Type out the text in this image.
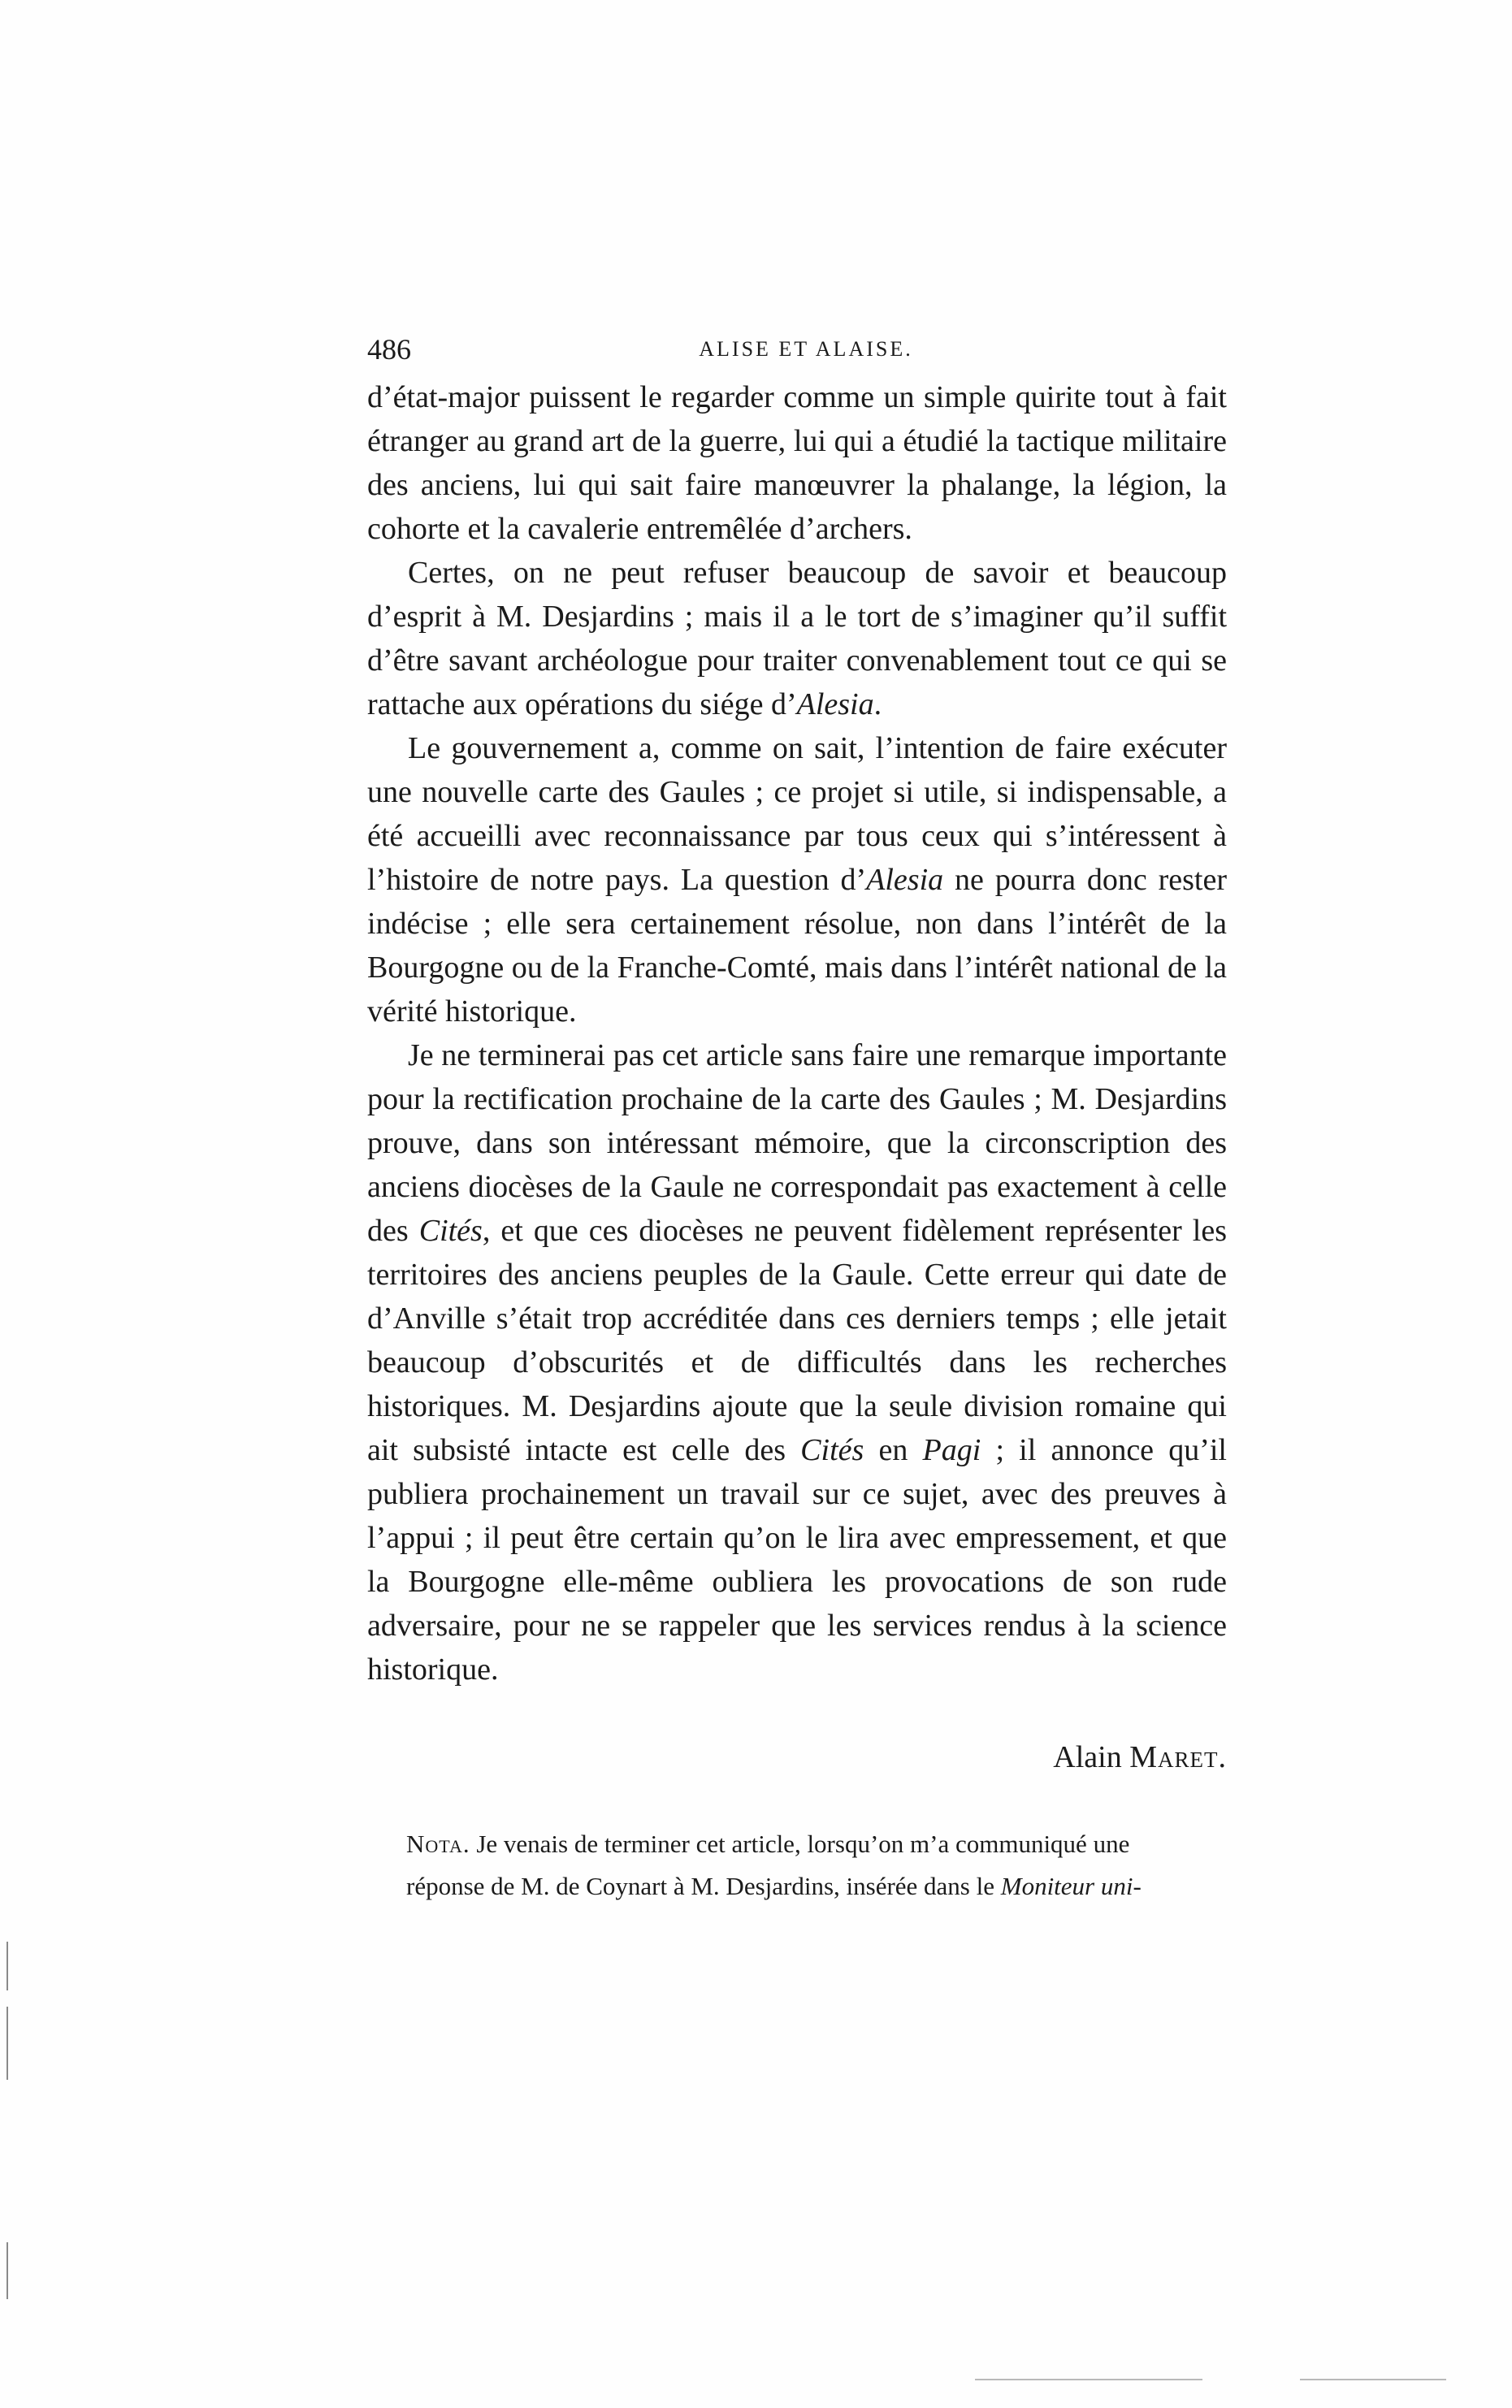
486	ALISE ET ALAISE.

d’état-major puissent le regarder comme un simple quirite tout à fait étranger au grand art de la guerre, lui qui a étudié la tactique militaire des anciens, lui qui sait faire manœuvrer la phalange, la légion, la cohorte et la cavalerie entremêlée d’archers.

Certes, on ne peut refuser beaucoup de savoir et beaucoup d’esprit à M. Desjardins ; mais il a le tort de s’imaginer qu’il suffit d’être savant archéologue pour traiter convenablement tout ce qui se rattache aux opérations du siége d’Alesia.

Le gouvernement a, comme on sait, l’intention de faire exécuter une nouvelle carte des Gaules ; ce projet si utile, si indispensable, a été accueilli avec reconnaissance par tous ceux qui s’intéressent à l’histoire de notre pays. La question d’Alesia ne pourra donc rester indécise ; elle sera certainement résolue, non dans l’intérêt de la Bourgogne ou de la Franche-Comté, mais dans l’intérêt national de la vérité historique.

Je ne terminerai pas cet article sans faire une remarque importante pour la rectification prochaine de la carte des Gaules ; M. Desjardins prouve, dans son intéressant mémoire, que la circonscription des anciens diocèses de la Gaule ne correspondait pas exactement à celle des Cités, et que ces diocèses ne peuvent fidèlement représenter les territoires des anciens peuples de la Gaule. Cette erreur qui date de d’Anville s’était trop accréditée dans ces derniers temps ; elle jetait beaucoup d’obscurités et de difficultés dans les recherches historiques. M. Desjardins ajoute que la seule division romaine qui ait subsisté intacte est celle des Cités en Pagi ; il annonce qu’il publiera prochainement un travail sur ce sujet, avec des preuves à l’appui ; il peut être certain qu’on le lira avec empressement, et que la Bourgogne elle-même oubliera les provocations de son rude adversaire, pour ne se rappeler que les services rendus à la science historique.

Alain Maret.
Nota. Je venais de terminer cet article, lorsqu’on m’a communiqué une
réponse de M. de Coynart à M. Desjardins, insérée dans le Moniteur uni-
